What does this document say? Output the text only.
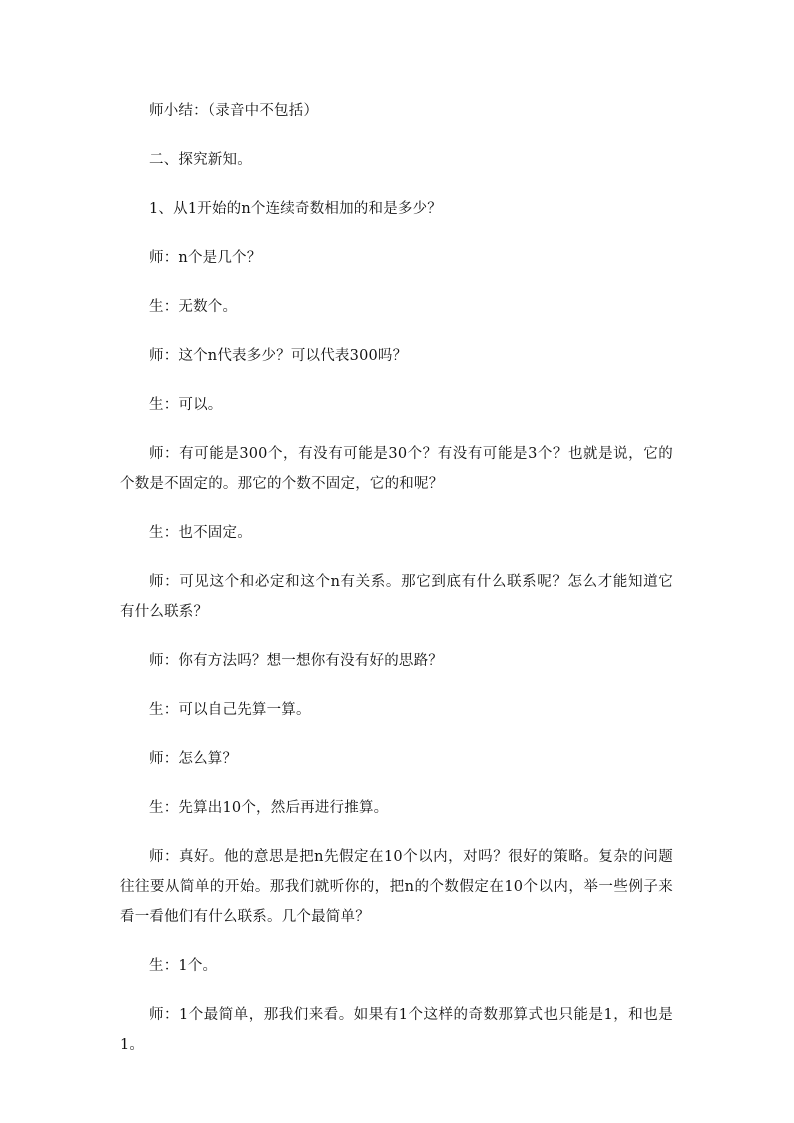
师小结：（录音中不包括）

二、探究新知。

1、从1开始的n个连续奇数相加的和是多少？

师：n个是几个？

生：无数个。

师：这个n代表多少？可以代表300吗？

生：可以。

师：有可能是300个，有没有可能是30个？有没有可能是3个？也就是说，它的个数是不固定的。那它的个数不固定，它的和呢？

生：也不固定。

师：可见这个和必定和这个n有关系。那它到底有什么联系呢？怎么才能知道它有什么联系？

师：你有方法吗？想一想你有没有好的思路？

生：可以自己先算一算。

师：怎么算？

生：先算出10个，然后再进行推算。

师：真好。他的意思是把n先假定在10个以内，对吗？很好的策略。复杂的问题往往要从简单的开始。那我们就听你的，把n的个数假定在10个以内，举一些例子来看一看他们有什么联系。几个最简单？

生：1个。

师：1个最简单，那我们来看。如果有1个这样的奇数那算式也只能是1，和也是1。
